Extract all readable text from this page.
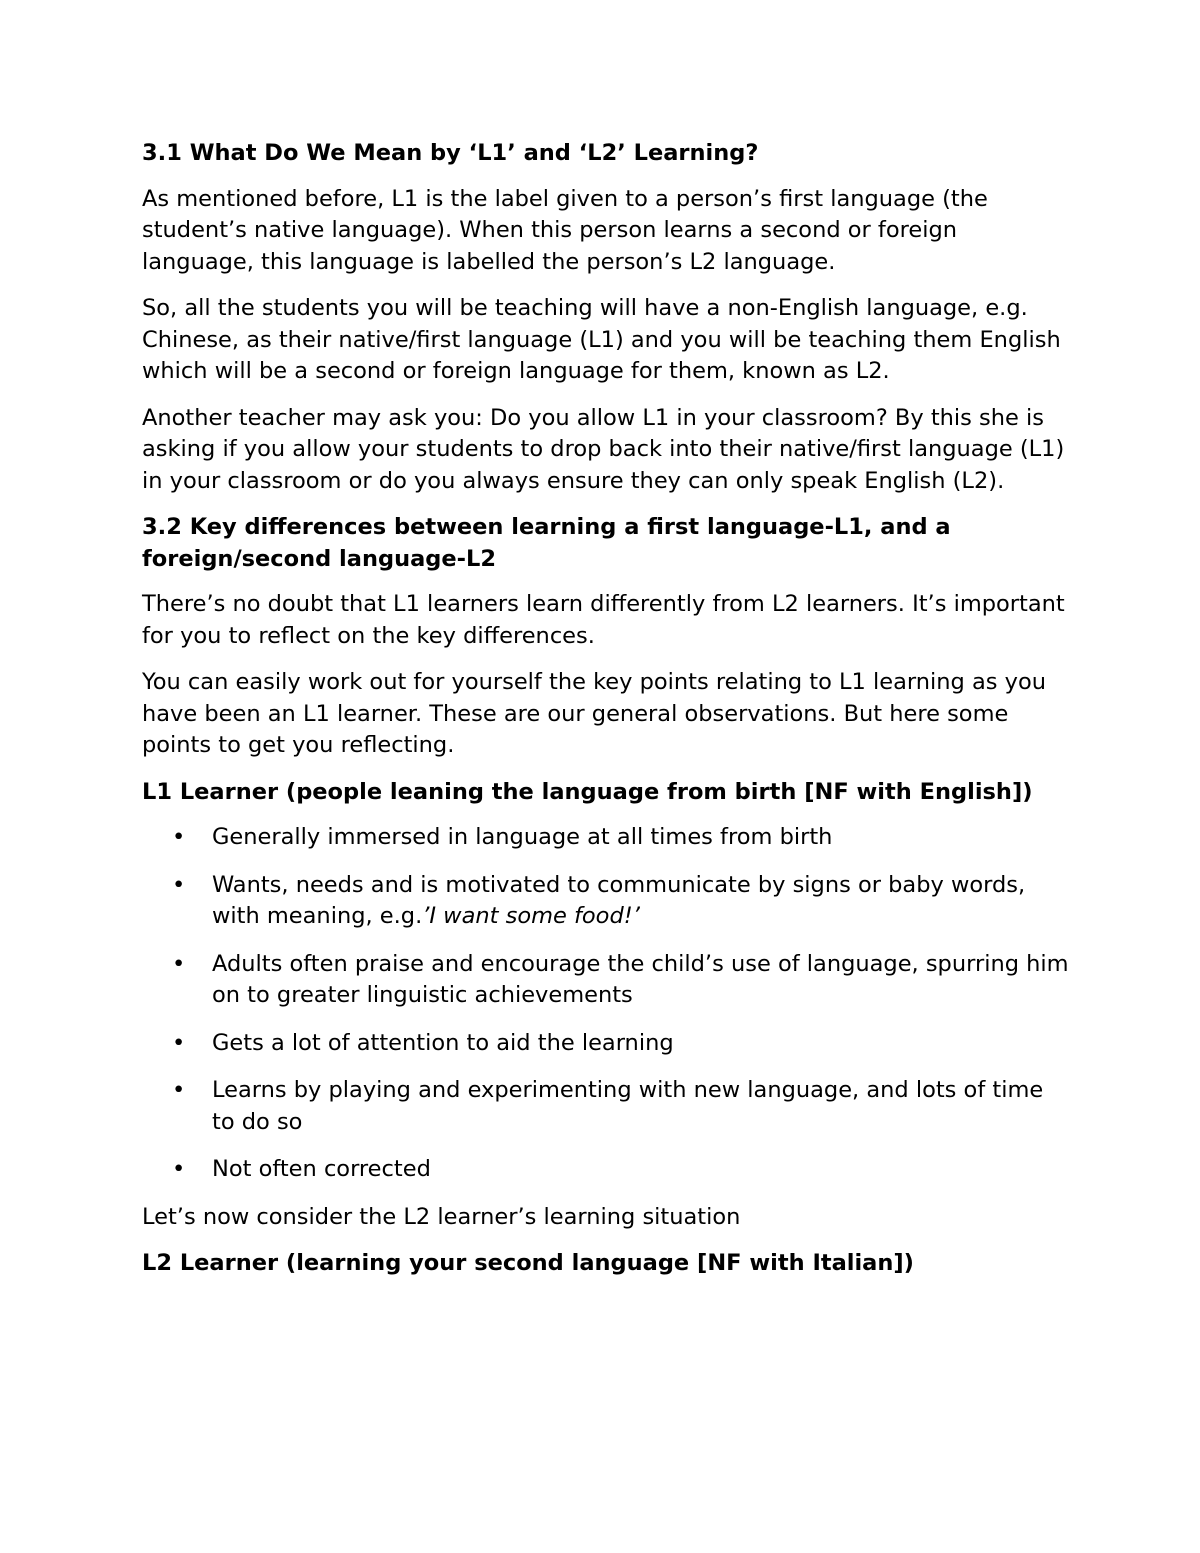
3.1 What Do We Mean by ‘L1’ and ‘L2’ Learning?

As mentioned before, L1 is the label given to a person’s first language (the student’s native language). When this person learns a second or foreign language, this language is labelled the person’s L2 language.

So, all the students you will be teaching will have a non-English language, e.g. Chinese, as their native/first language (L1) and you will be teaching them English which will be a second or foreign language for them, known as L2.

Another teacher may ask you: Do you allow L1 in your classroom? By this she is asking if you allow your students to drop back into their native/first language (L1) in your classroom or do you always ensure they can only speak English (L2).

3.2 Key differences between learning a first language-L1, and a foreign/second language-L2

There’s no doubt that L1 learners learn differently from L2 learners. It’s important for you to reflect on the key differences.

You can easily work out for yourself the key points relating to L1 learning as you have been an L1 learner. These are our general observations. But here some points to get you reflecting.

L1 Learner (people leaning the language from birth [NF with English])
• Generally immersed in language at all times from birth
• Wants, needs and is motivated to communicate by signs or baby words, with meaning, e.g.’I want some food!’
• Adults often praise and encourage the child’s use of language, spurring him on to greater linguistic achievements
• Gets a lot of attention to aid the learning
• Learns by playing and experimenting with new language, and lots of time to do so
• Not often corrected

Let’s now consider the L2 learner’s learning situation

L2 Learner (learning your second language [NF with Italian])
